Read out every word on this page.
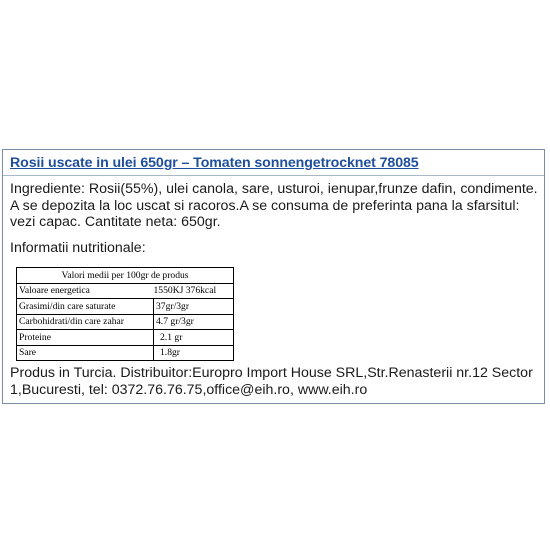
Rosii uscate in ulei 650gr – Tomaten sonnengetrocknet 78085
Ingrediente: Rosii(55%), ulei canola, sare, usturoi, ienupar,frunze dafin, condimente. A se depozita la loc uscat si racoros.A se consuma de preferinta pana la sfarsitul: vezi capac. Cantitate neta: 650gr.
Informatii nutritionale:
Valori medii per 100gr de produs	
Valoare energetica	1550KJ 376kcal
Grasimi/din care saturate	37gr/3gr
Carbohidrati/din care zahar	4.7 gr/3gr
Proteine	2.1 gr
Sare	1.8gr
Produs in Turcia. Distribuitor:Europro Import House SRL,Str.Renasterii nr.12 Sector 1,Bucuresti, tel: 0372.76.76.75,office@eih.ro, www.eih.ro
